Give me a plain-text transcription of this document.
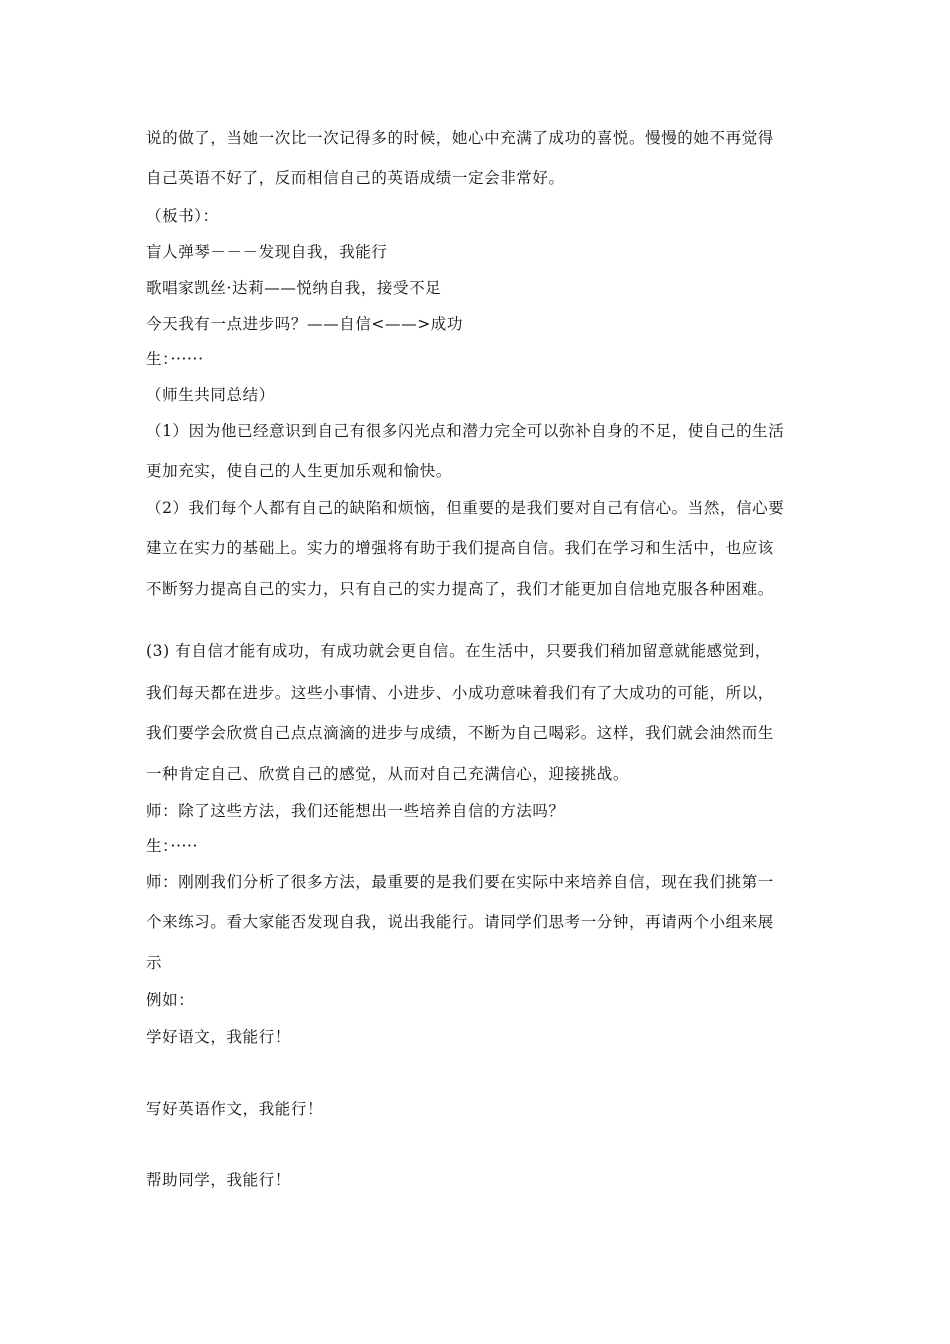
说的做了，当她一次比一次记得多的时候，她心中充满了成功的喜悦。慢慢的她不再觉得
自己英语不好了，反而相信自己的英语成绩一定会非常好。
（板书）：
盲人弹琴－－－发现自我，我能行
歌唱家凯丝·达莉——悦纳自我，接受不足
今天我有一点进步吗？——自信<——>成功
生：······
（师生共同总结）
（1）因为他已经意识到自己有很多闪光点和潜力完全可以弥补自身的不足，使自己的生活
更加充实，使自己的人生更加乐观和愉快。
（2）我们每个人都有自己的缺陷和烦恼，但重要的是我们要对自己有信心。当然，信心要
建立在实力的基础上。实力的增强将有助于我们提高自信。我们在学习和生活中，也应该
不断努力提高自己的实力，只有自己的实力提高了，我们才能更加自信地克服各种困难。
(3) 有自信才能有成功，有成功就会更自信。在生活中，只要我们稍加留意就能感觉到，
我们每天都在进步。这些小事情、小进步、小成功意味着我们有了大成功的可能，所以，
我们要学会欣赏自己点点滴滴的进步与成绩，不断为自己喝彩。这样，我们就会油然而生
一种肯定自己、欣赏自己的感觉，从而对自己充满信心，迎接挑战。
师：除了这些方法，我们还能想出一些培养自信的方法吗？
生：·····
师：刚刚我们分析了很多方法，最重要的是我们要在实际中来培养自信，现在我们挑第一
个来练习。看大家能否发现自我，说出我能行。请同学们思考一分钟，再请两个小组来展
示
例如：
学好语文，我能行！
写好英语作文，我能行！
帮助同学，我能行！
